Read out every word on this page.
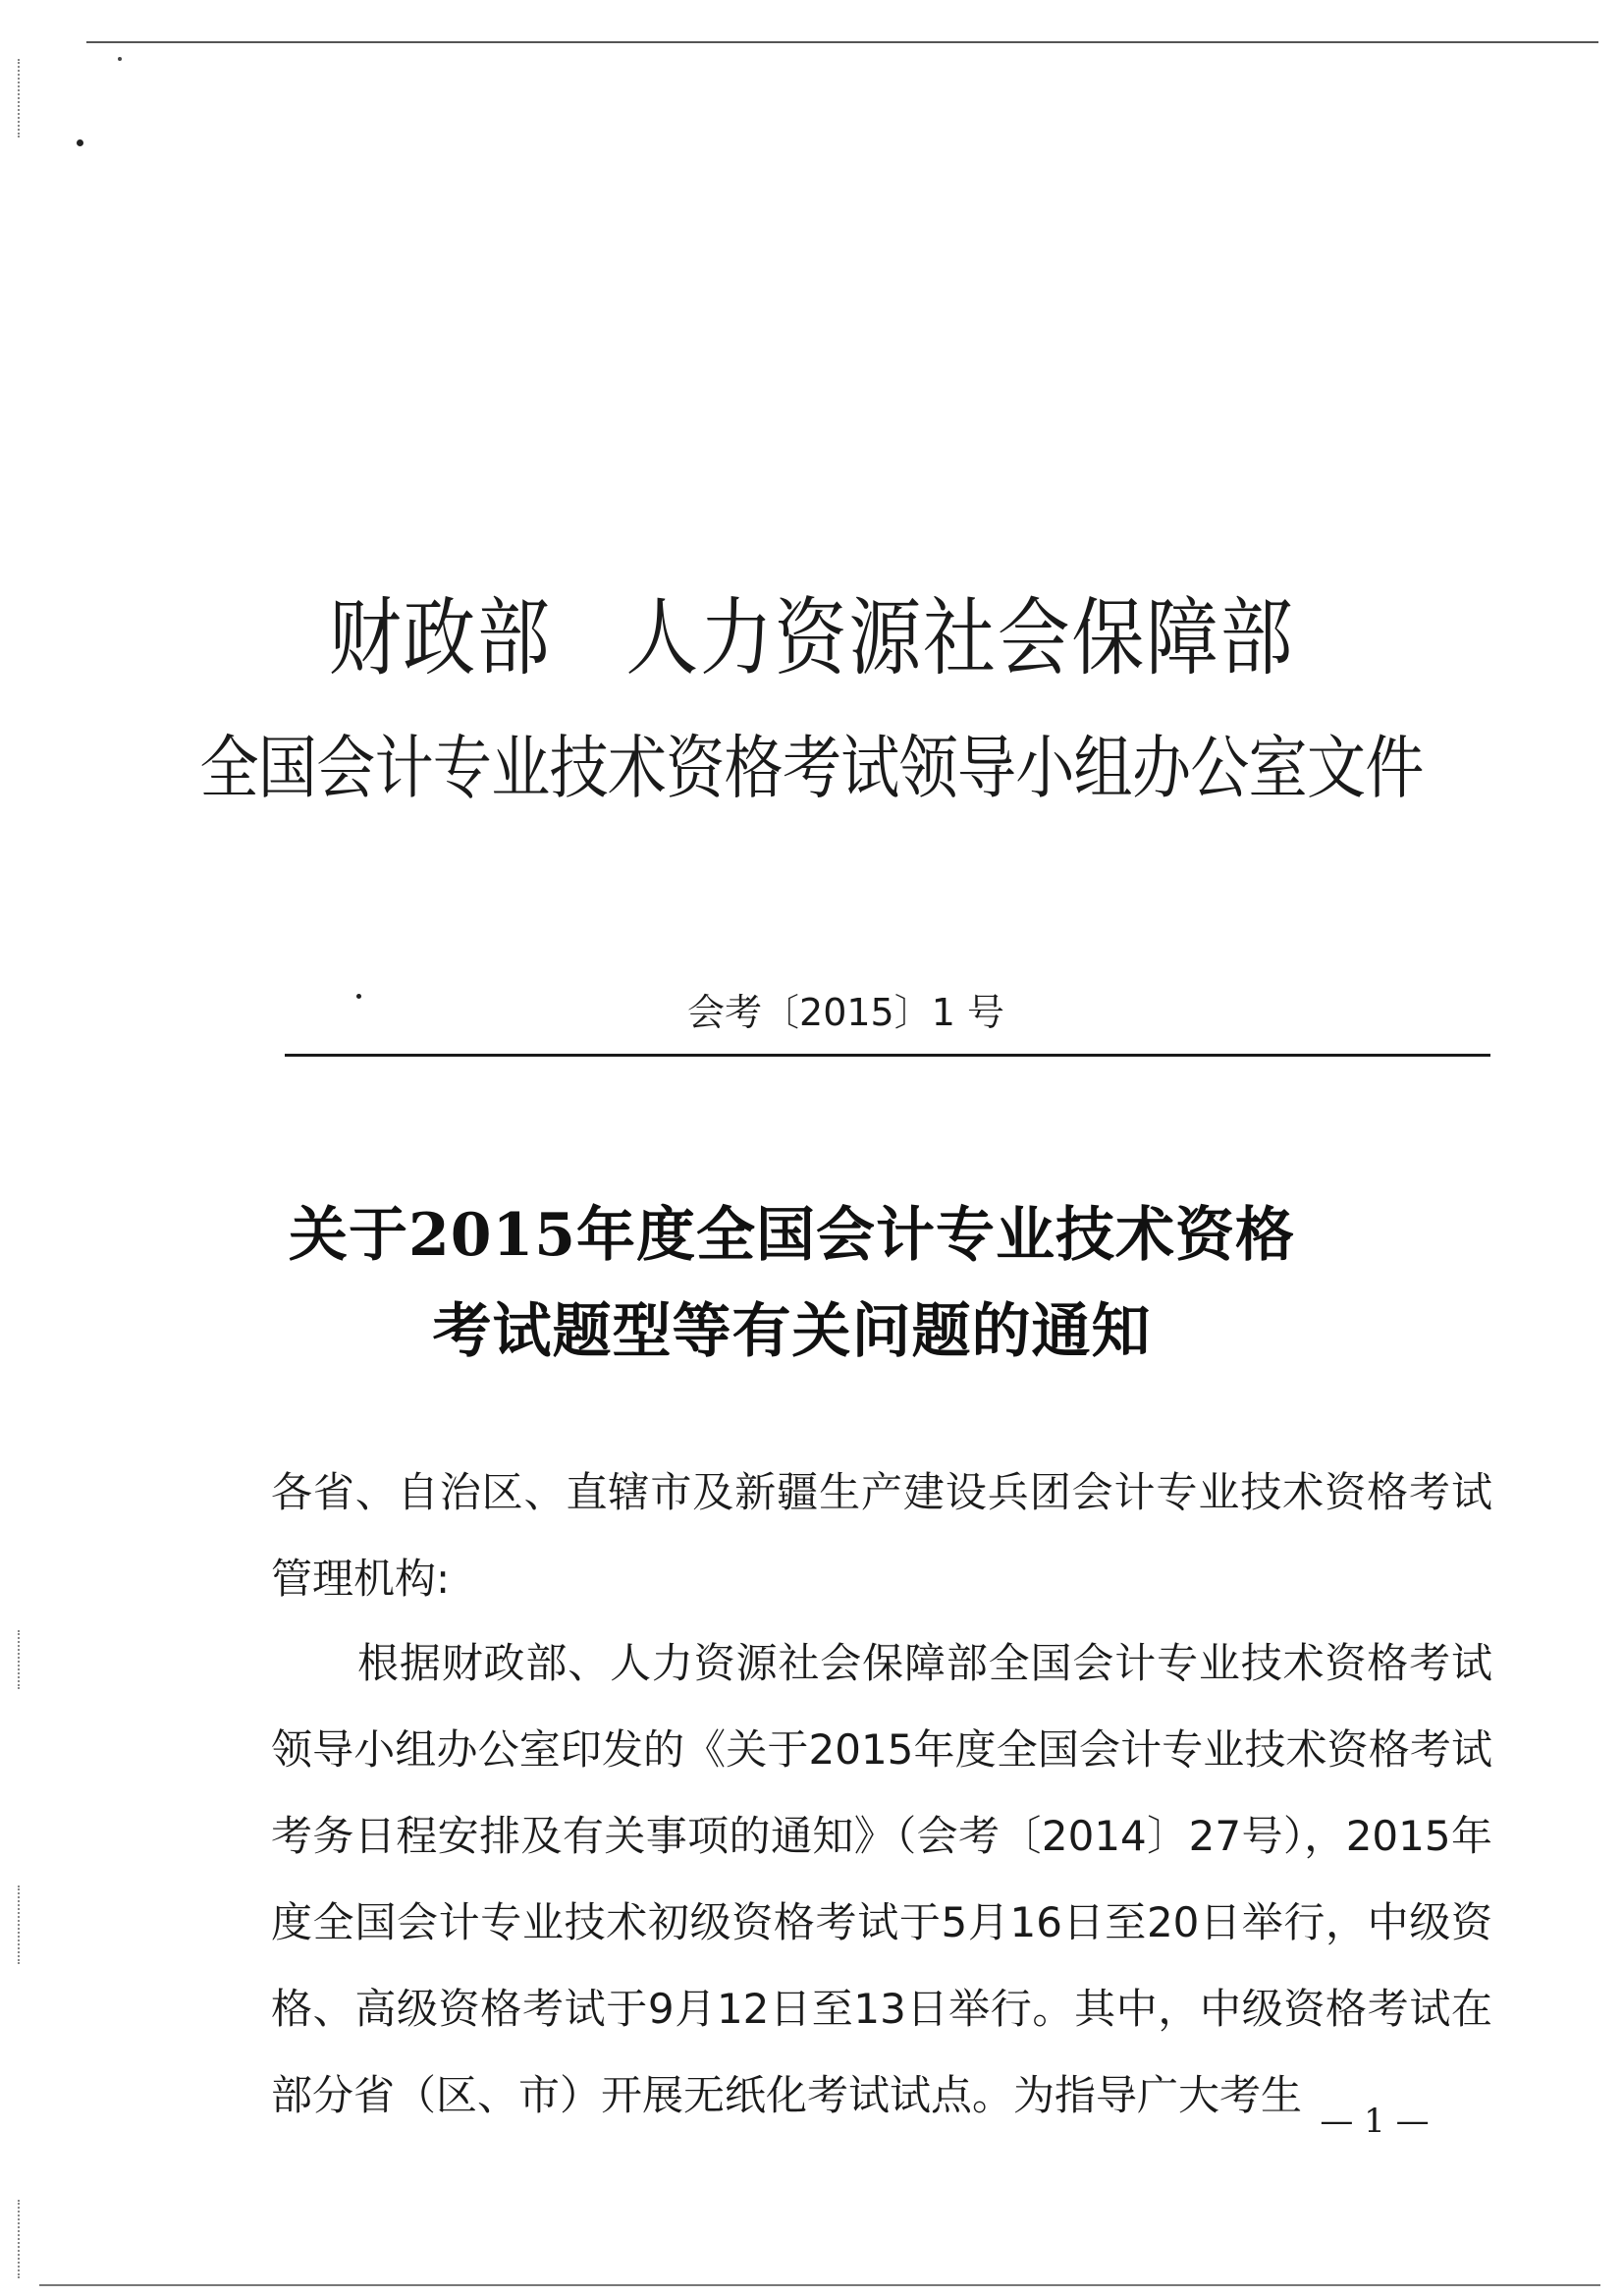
财政部　人力资源社会保障部
全国会计专业技术资格考试领导小组办公室文件
会考〔2015〕1 号
关于2015年度全国会计专业技术资格
考试题型等有关问题的通知
各省、自治区、直辖市及新疆生产建设兵团会计专业技术资格考试管理机构:
根据财政部、人力资源社会保障部全国会计专业技术资格考试领导小组办公室印发的《关于2015年度全国会计专业技术资格考试考务日程安排及有关事项的通知》（会考〔2014〕27号），2015年度全国会计专业技术初级资格考试于5月16日至20日举行，中级资格、高级资格考试于9月12日至13日举行。其中，中级资格考试在部分省（区、市）开展无纸化考试试点。为指导广大考生
— 1 —
